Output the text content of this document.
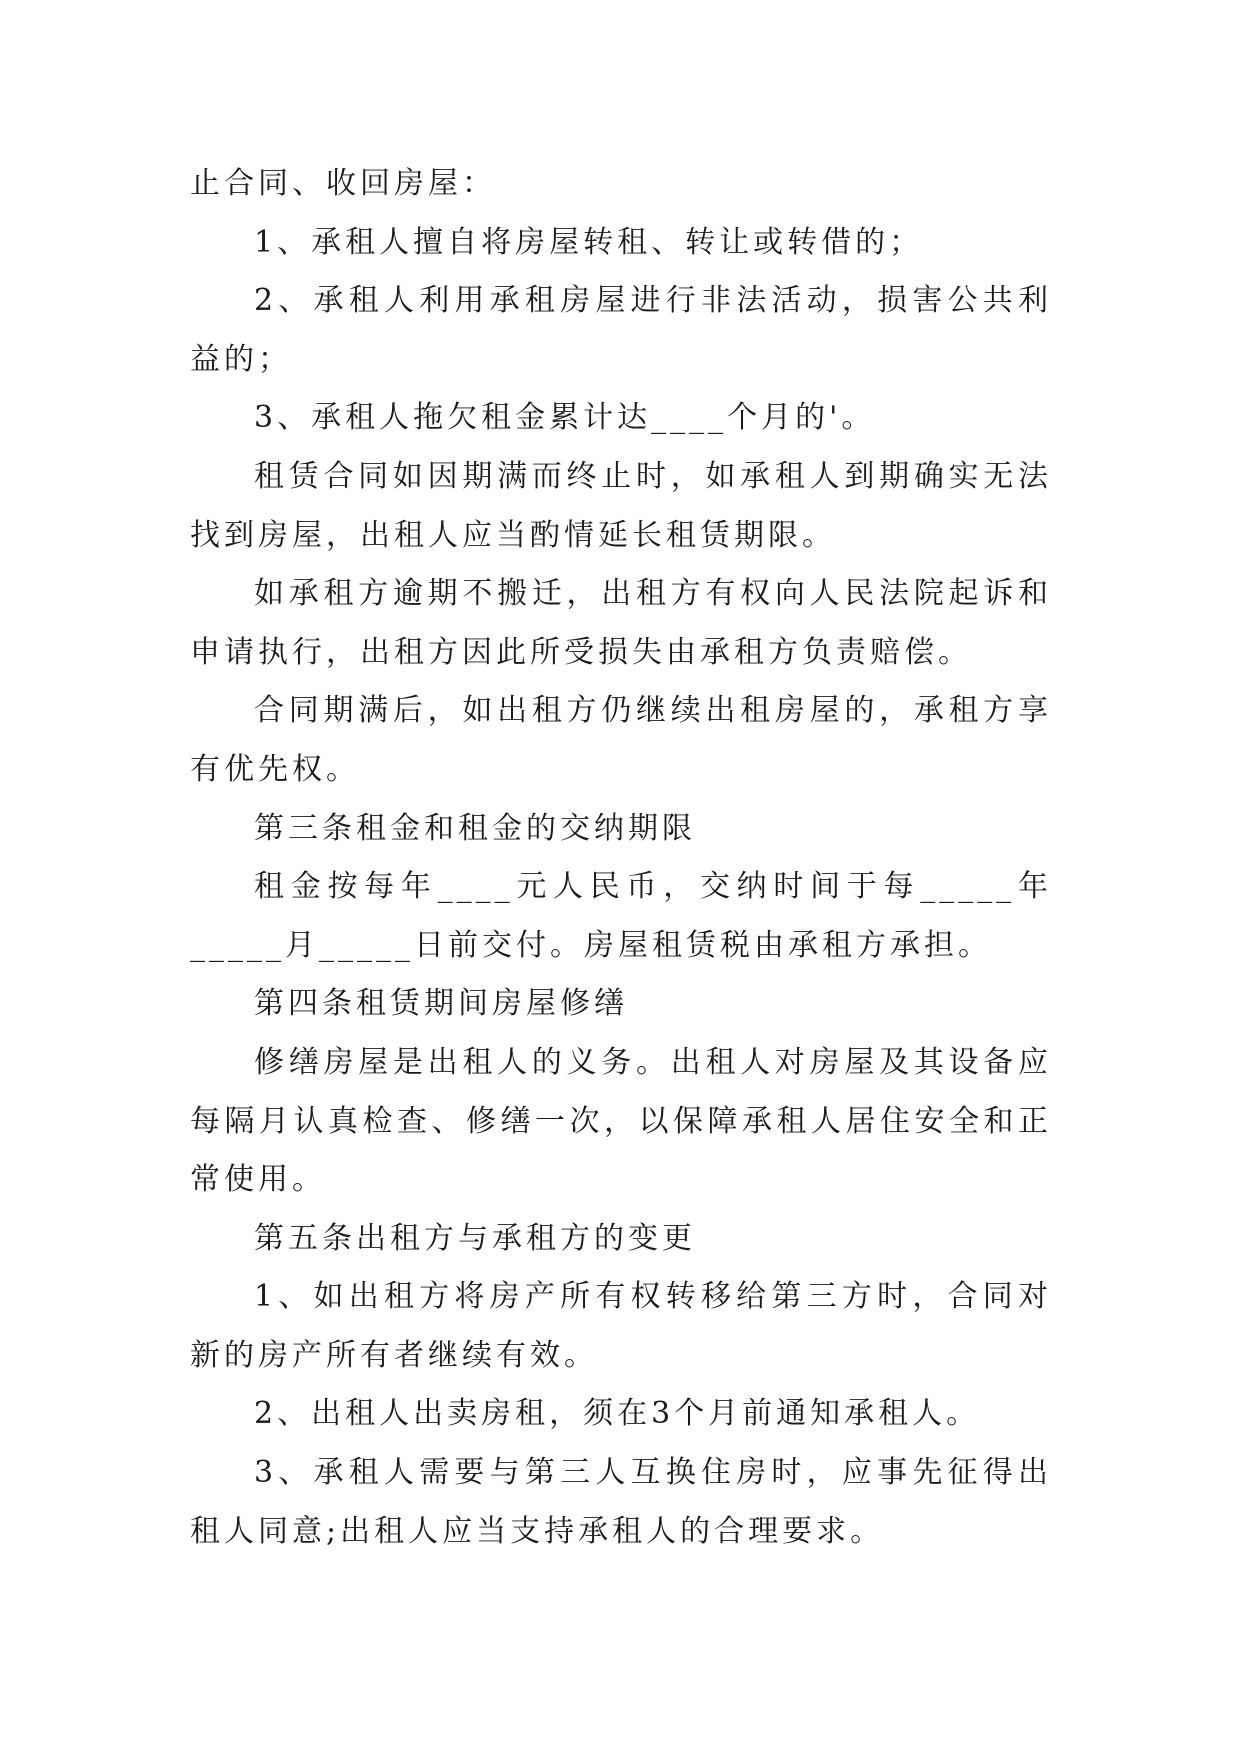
止合同、收回房屋：

1、承租人擅自将房屋转租、转让或转借的；

2、承租人利用承租房屋进行非法活动，损害公共利益的；

3、承租人拖欠租金累计达____个月的'。

租赁合同如因期满而终止时，如承租人到期确实无法找到房屋，出租人应当酌情延长租赁期限。

如承租方逾期不搬迁，出租方有权向人民法院起诉和申请执行，出租方因此所受损失由承租方负责赔偿。

合同期满后，如出租方仍继续出租房屋的，承租方享有优先权。

第三条租金和租金的交纳期限

租金按每年____元人民币，交纳时间于每_____年_____月_____日前交付。房屋租赁税由承租方承担。

第四条租赁期间房屋修缮

修缮房屋是出租人的义务。出租人对房屋及其设备应每隔月认真检查、修缮一次，以保障承租人居住安全和正常使用。

第五条出租方与承租方的变更

1、如出租方将房产所有权转移给第三方时，合同对新的房产所有者继续有效。

2、出租人出卖房租，须在3个月前通知承租人。

3、承租人需要与第三人互换住房时，应事先征得出租人同意;出租人应当支持承租人的合理要求。
